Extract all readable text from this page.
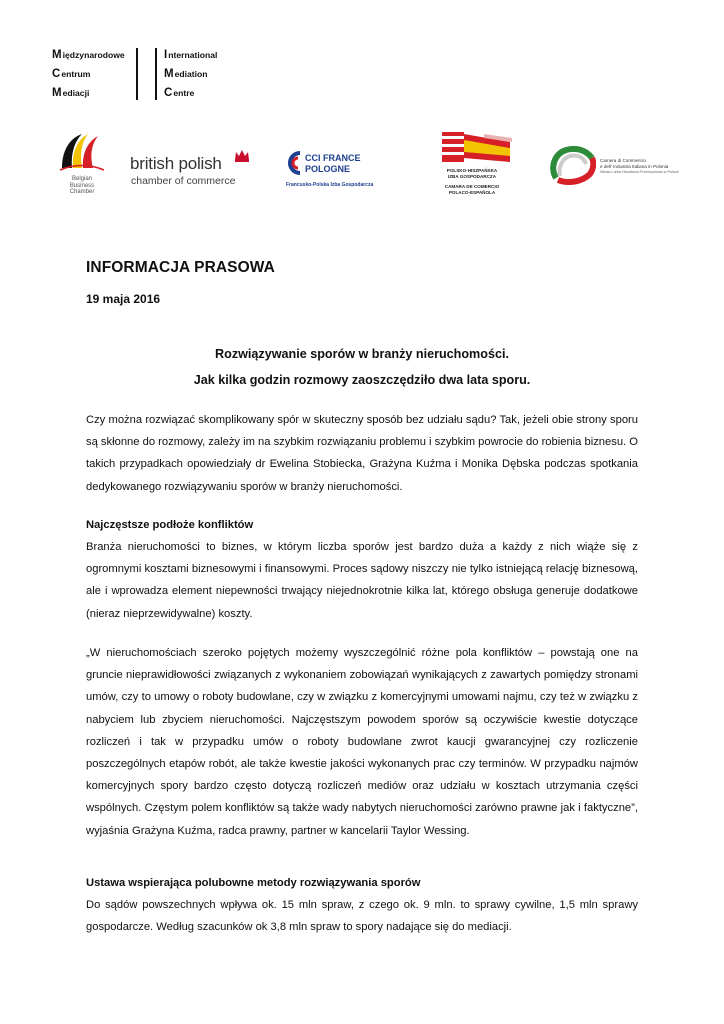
Międzynarodowe
Centrum
Mediacji
International
Mediation
Centre
Belgian
Business
Chamber
british polish
chamber of commerce
CCI FRANCE
POLOGNE
Francusko-Polska Izba Gospodarcza
POLSKO-HISZPAŃSKA
IZBA GOSPODARCZA
CAMARA DE COMERCIO
POLACO-ESPAÑOLA
Camera di Commercio
e dell' Industria Italiana in Polonia
Włosko-Izba Handlowo-Przemysłowa w Polsce
INFORMACJA PRASOWA
19 maja 2016
Rozwiązywanie sporów w branży nieruchomości.
Jak kilka godzin rozmowy zaoszczędziło dwa lata sporu.
Czy można rozwiązać skomplikowany spór w skuteczny sposób bez udziału sądu? Tak, jeżeli obie strony sporu są skłonne do rozmowy, zależy im na szybkim rozwiązaniu problemu i szybkim powrocie do robienia biznesu. O takich przypadkach opowiedziały dr Ewelina Stobiecka, Grażyna Kuźma i Monika Dębska podczas spotkania dedykowanego rozwiązywaniu sporów w branży nieruchomości.
Najczęstsze podłoże konfliktów
Branża nieruchomości to biznes, w którym liczba sporów jest bardzo duża a każdy z nich wiąże się z ogromnymi kosztami biznesowymi i finansowymi. Proces sądowy niszczy nie tylko istniejącą relację biznesową, ale i wprowadza element niepewności trwający niejednokrotnie kilka lat, którego obsługa generuje dodatkowe (nieraz nieprzewidywalne) koszty.
„W nieruchomościach szeroko pojętych możemy wyszczególnić różne pola konfliktów – powstają one na gruncie nieprawidłowości związanych z wykonaniem zobowiązań wynikających z zawartych pomiędzy stronami umów, czy to umowy o roboty budowlane, czy w związku z komercyjnymi umowami najmu, czy też w związku z nabyciem lub zbyciem nieruchomości. Najczęstszym powodem sporów są oczywiście kwestie dotyczące rozliczeń i tak w przypadku umów o roboty budowlane zwrot kaucji gwarancyjnej czy rozliczenie poszczególnych etapów robót, ale także kwestie jakości wykonanych prac czy terminów. W przypadku najmów komercyjnych spory bardzo często dotyczą rozliczeń mediów oraz udziału w kosztach utrzymania części wspólnych. Częstym polem konfliktów są także wady nabytych nieruchomości zarówno prawne jak i faktyczne”, wyjaśnia Grażyna Kuźma, radca prawny, partner w kancelarii Taylor Wessing.
Ustawa wspierająca polubowne metody rozwiązywania sporów
Do sądów powszechnych wpływa ok. 15 mln spraw, z czego ok. 9 mln. to sprawy cywilne, 1,5 mln sprawy gospodarcze. Według szacunków ok 3,8 mln spraw to spory nadające się do mediacji.
